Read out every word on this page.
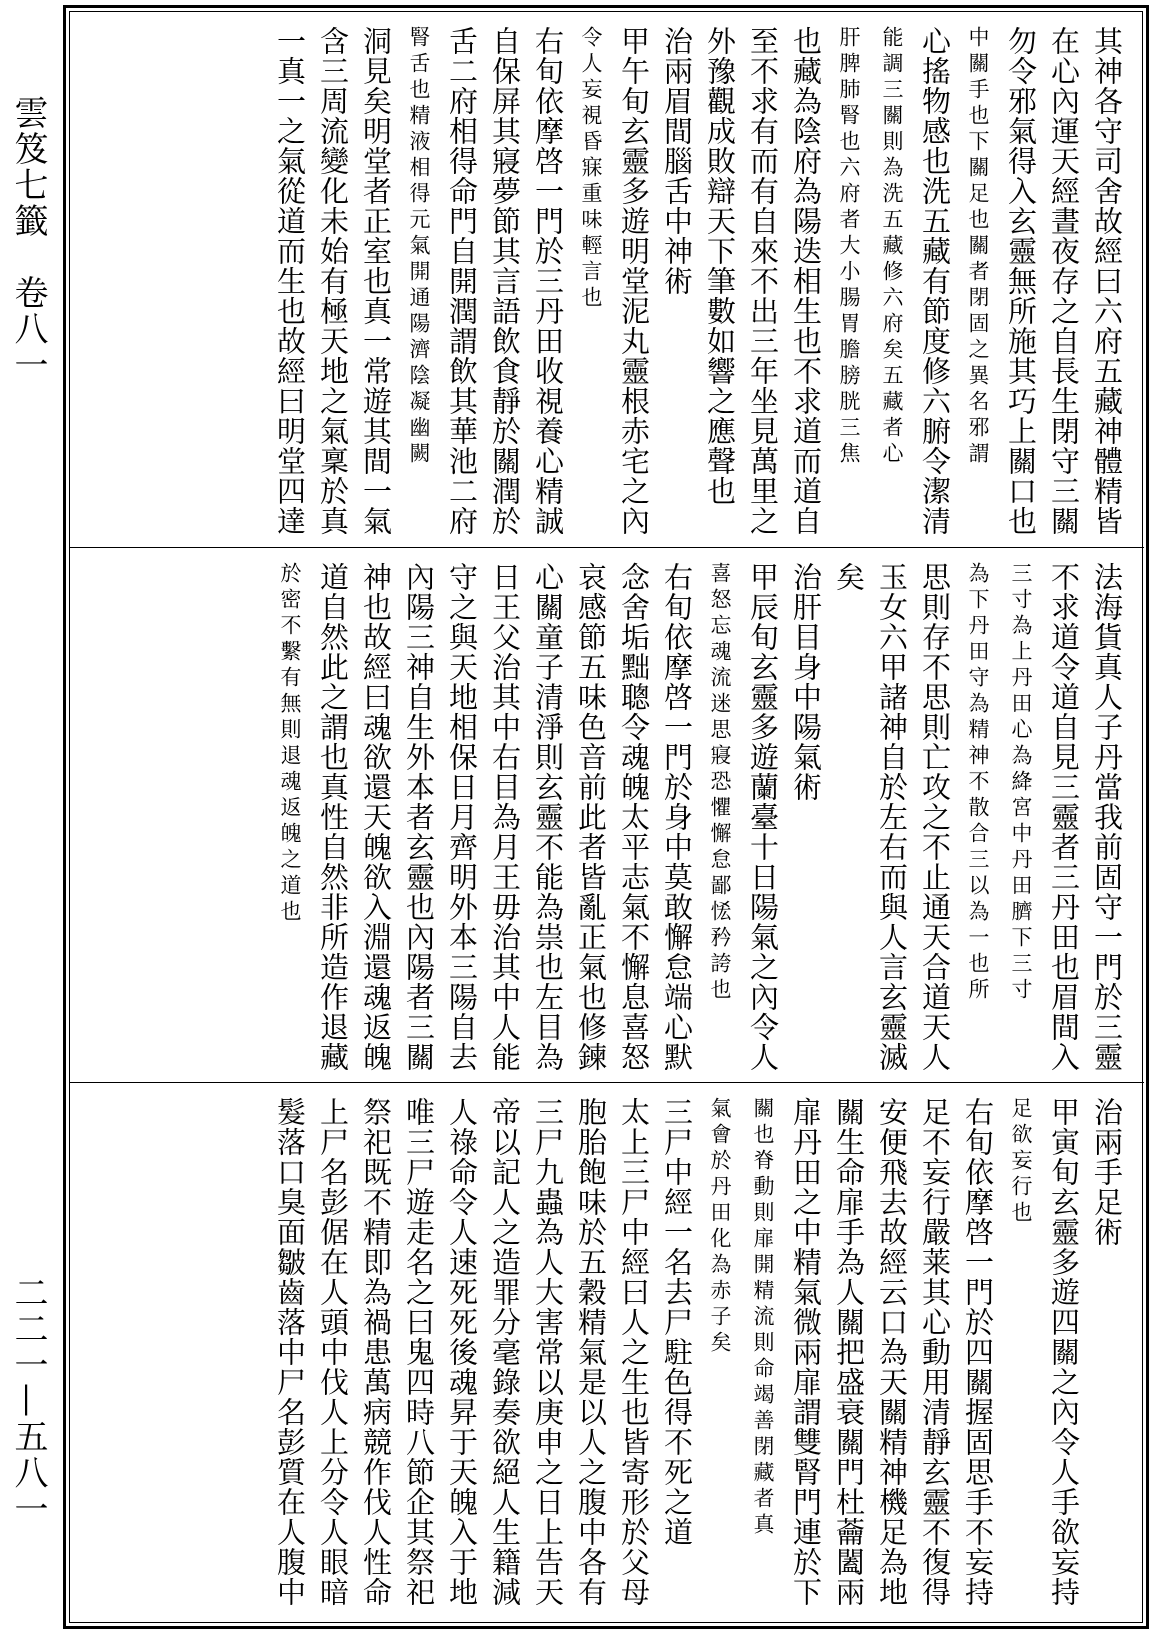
雲笈七籤　卷八一
二二一—五八一
其神各守司舍故經曰六府五藏神體精皆
在心內運天經晝夜存之自長生閉守三關
勿令邪氣得入玄靈無所施其巧上關口也
中關手也下關足也關者閉固之異名邪謂
心搖物感也洗五藏有節度修六腑令潔清
能調三關則為洗五藏修六府矣五藏者心
肝脾肺腎也六府者大小腸胃膽膀胱三焦
也藏為陰府為陽迭相生也不求道而道自
至不求有而有自來不出三年坐見萬里之
外豫觀成敗辯天下筆數如響之應聲也
治兩眉間腦舌中神術
甲午旬玄靈多遊明堂泥丸靈根赤宅之內
令人妄視昏寐重味輕言也
右旬依摩啓一門於三丹田收視養心精誠
自保屏其寢夢節其言語飲食靜於關潤於
舌二府相得命門自開潤謂飲其華池二府
腎舌也精液相得元氣開通陽濟陰凝幽闕
洞見矣明堂者正室也真一常遊其間一氣
含三周流變化未始有極天地之氣稟於真
一真一之氣從道而生也故經曰明堂四達
法海貨真人子丹當我前固守一門於三靈
不求道令道自見三靈者三丹田也眉間入
三寸為上丹田心為絳宮中丹田臍下三寸
為下丹田守為精神不散合三以為一也所
思則存不思則亡攻之不止通天合道天人
玉女六甲諸神自於左右而與人言玄靈滅
矣
治肝目身中陽氣術
甲辰旬玄靈多遊蘭臺十日陽氣之內令人
喜怒忘魂流迷思寢恐懼懈怠鄙恡矜誇也
右旬依摩啓一門於身中莫敢懈怠端心默
念舍垢黜聰令魂魄太平志氣不懈息喜怒
哀感節五味色音前此者皆亂正氣也修鍊
心關童子清淨則玄靈不能為祟也左目為
日王父治其中右目為月王毋治其中人能
守之與天地相保日月齊明外本三陽自去
內陽三神自生外本者玄靈也內陽者三關
神也故經曰魂欲還天魄欲入淵還魂返魄
道自然此之謂也真性自然非所造作退藏
於密不繫有無則退魂返魄之道也
治兩手足術
甲寅旬玄靈多遊四關之內令人手欲妄持
足欲妄行也
右旬依摩啓一門於四關握固思手不妄持
足不妄行嚴莱其心動用清靜玄靈不復得
安便飛去故經云口為天關精神機足為地
關生命扉手為人關把盛衰關門杜蘥闔兩
扉丹田之中精氣微兩扉謂雙腎門連於下
關也脊動則扉開精流則命竭善閉藏者真
氣會於丹田化為赤子矣
三尸中經一名去尸駐色得不死之道
太上三尸中經曰人之生也皆寄形於父母
胞胎飽味於五穀精氣是以人之腹中各有
三尸九蟲為人大害常以庚申之日上告天
帝以記人之造罪分毫錄奏欲絕人生籍減
人祿命令人速死死後魂昇于天魄入于地
唯三尸遊走名之曰鬼四時八節企其祭祀
祭祀既不精即為禍患萬病競作伐人性命
上尸名彭倨在人頭中伐人上分令人眼暗
髮落口臭面皺齒落中尸名彭質在人腹中
